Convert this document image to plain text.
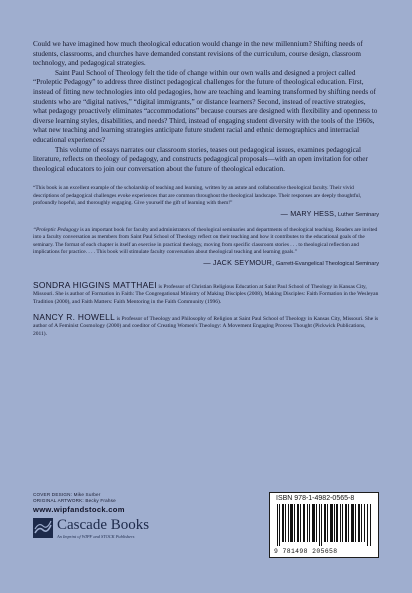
Could we have imagined how much theological education would change in the new millennium? Shifting needs of students, classrooms, and churches have demanded constant revisions of the curriculum, course design, classroom technology, and pedagogical strategies.

Saint Paul School of Theology felt the tide of change within our own walls and designed a project called “Proleptic Pedagogy” to address three distinct pedagogical challenges for the future of theological education. First, instead of fitting new technologies into old pedagogies, how are teaching and learning transformed by shifting needs of students who are “digital natives,” “digital immigrants,” or distance learners? Second, instead of reactive strategies, what pedagogy proactively eliminates “accommodations” because courses are designed with flexibility and openness to diverse learning styles, disabilities, and needs? Third, instead of engaging student diversity with the tools of the 1960s, what new teaching and learning strategies anticipate future student racial and ethnic demographics and interracial educational experiences?

This volume of essays narrates our classroom stories, teases out pedagogical issues, examines pedagogical literature, reflects on theology of pedagogy, and constructs pedagogical proposals—with an open invitation for other theological educators to join our conversation about the future of theological education.

“This book is an excellent example of the scholarship of teaching and learning, written by an astute and collaborative theological faculty. Their vivid descriptions of pedagogical challenges evoke experiences that are common throughout the theological landscape. Their responses are deeply thoughtful, profoundly hopeful, and thoroughly engaging. Give yourself the gift of learning with them!”

— MARY HESS, Luther Seminary

“Proleptic Pedagogy is an important book for faculty and administrators of theological seminaries and departments of theological teaching. Readers are invited into a faculty conversation as members from Saint Paul School of Theology reflect on their teaching and how it contributes to the educational goals of the seminary. The format of each chapter is itself an exercise in practical theology, moving from specific classroom stories . . . to theological reflection and implications for practice. . . . This book will stimulate faculty conversation about theological teaching and learning goals.”

— JACK SEYMOUR, Garrett-Evangelical Theological Seminary

SONDRA HIGGINS MATTHAEI is Professor of Christian Religious Education at Saint Paul School of Theology in Kansas City, Missouri. She is author of Formation in Faith: The Congregational Ministry of Making Disciples (2008), Making Disciples: Faith Formation in the Wesleyan Tradition (2000), and Faith Matters: Faith Mentoring in the Faith Community (1996).

NANCY R. HOWELL is Professor of Theology and Philosophy of Religion at Saint Paul School of Theology in Kansas City, Missouri. She is author of A Feminist Cosmology (2000) and coeditor of Creating Women's Theology: A Movement Engaging Process Thought (Pickwick Publications, 2011).

COVER DESIGN: Mike Surber
ORIGINAL ARTWORK: Becky Frahse
www.wipfandstock.com
Cascade Books
An Imprint of WIPF and STOCK Publishers
ISBN 978-1-4982-0565-8
9 781498 205658
